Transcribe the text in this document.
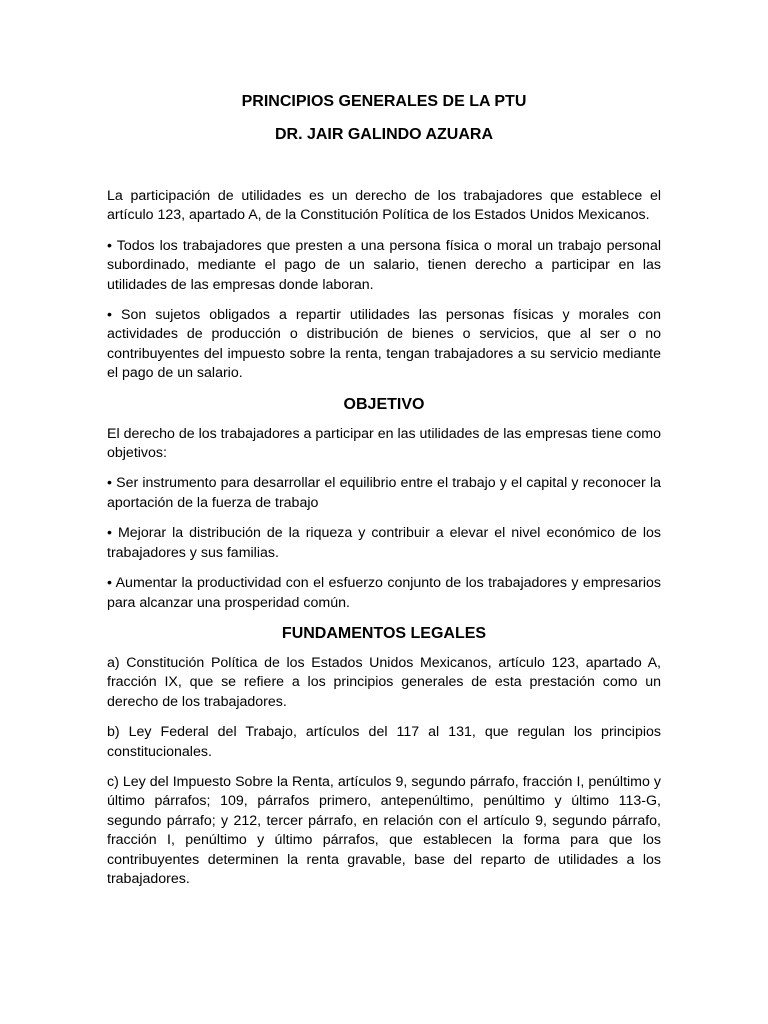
PRINCIPIOS GENERALES DE LA PTU
DR. JAIR GALINDO AZUARA

La participación de utilidades es un derecho de los trabajadores que establece el artículo 123, apartado A, de la Constitución Política de los Estados Unidos Mexicanos.

• Todos los trabajadores que presten a una persona física o moral un trabajo personal subordinado, mediante el pago de un salario, tienen derecho a participar en las utilidades de las empresas donde laboran.

• Son sujetos obligados a repartir utilidades las personas físicas y morales con actividades de producción o distribución de bienes o servicios, que al ser o no contribuyentes del impuesto sobre la renta, tengan trabajadores a su servicio mediante el pago de un salario.

OBJETIVO

El derecho de los trabajadores a participar en las utilidades de las empresas tiene como objetivos:

• Ser instrumento para desarrollar el equilibrio entre el trabajo y el capital y reconocer la aportación de la fuerza de trabajo

• Mejorar la distribución de la riqueza y contribuir a elevar el nivel económico de los trabajadores y sus familias.

• Aumentar la productividad con el esfuerzo conjunto de los trabajadores y empresarios para alcanzar una prosperidad común.

FUNDAMENTOS LEGALES

a) Constitución Política de los Estados Unidos Mexicanos, artículo 123, apartado A, fracción IX, que se refiere a los principios generales de esta prestación como un derecho de los trabajadores.

b) Ley Federal del Trabajo, artículos del 117 al 131, que regulan los principios constitucionales.

c) Ley del Impuesto Sobre la Renta, artículos 9, segundo párrafo, fracción I, penúltimo y último párrafos; 109, párrafos primero, antepenúltimo, penúltimo y último 113-G, segundo párrafo; y 212, tercer párrafo, en relación con el artículo 9, segundo párrafo, fracción I, penúltimo y último párrafos, que establecen la forma para que los contribuyentes determinen la renta gravable, base del reparto de utilidades a los trabajadores.
